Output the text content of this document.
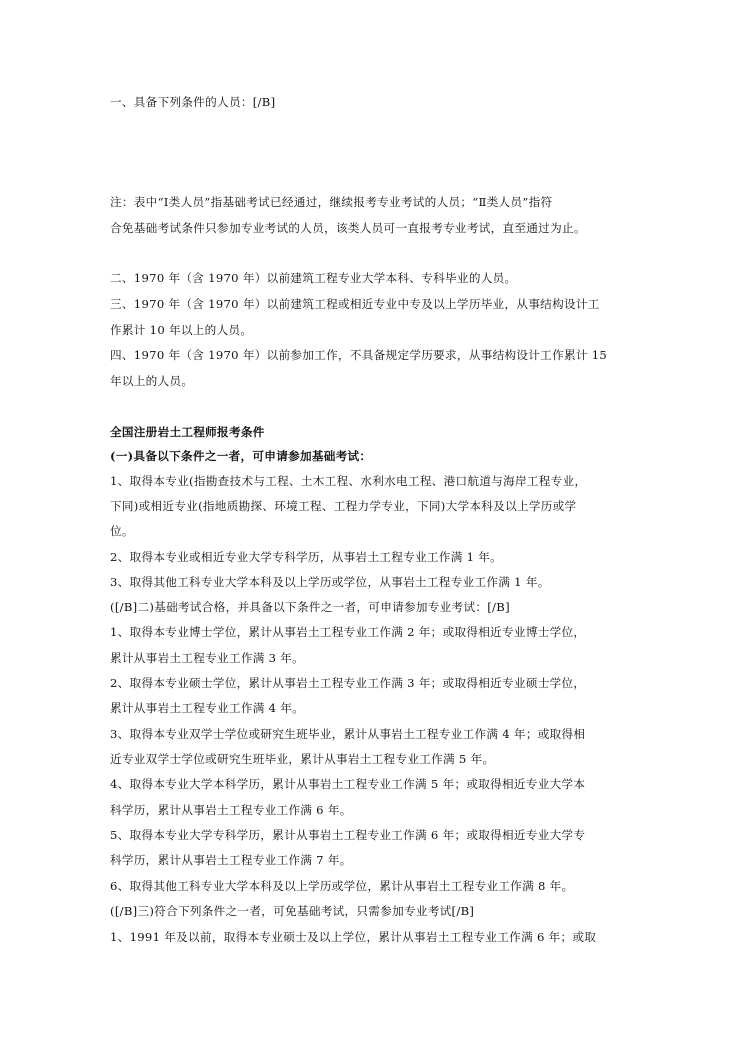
一、具备下列条件的人员：[/B]
注：表中“Ⅰ类人员”指基础考试已经通过，继续报考专业考试的人员；“Ⅱ类人员”指符
合免基础考试条件只参加专业考试的人员，该类人员可一直报考专业考试，直至通过为止。
二、1970 年（含 1970 年）以前建筑工程专业大学本科、专科毕业的人员。
三、1970 年（含 1970 年）以前建筑工程或相近专业中专及以上学历毕业，从事结构设计工
作累计 10 年以上的人员。
四、1970 年（含 1970 年）以前参加工作，不具备规定学历要求，从事结构设计工作累计 15
年以上的人员。
全国注册岩土工程师报考条件
(一)具备以下条件之一者，可申请参加基础考试：
1、取得本专业(指勘查技术与工程、土木工程、水利水电工程、港口航道与海岸工程专业，
下同)或相近专业(指地质勘探、环境工程、工程力学专业，下同)大学本科及以上学历或学
位。
2、取得本专业或相近专业大学专科学历，从事岩土工程专业工作满 1 年。
3、取得其他工科专业大学本科及以上学历或学位，从事岩土工程专业工作满 1 年。
([/B]二)基础考试合格，并具备以下条件之一者，可申请参加专业考试：[/B]
1、取得本专业博士学位，累计从事岩土工程专业工作满 2 年；或取得相近专业博士学位，
累计从事岩土工程专业工作满 3 年。
2、取得本专业硕士学位，累计从事岩土工程专业工作满 3 年；或取得相近专业硕士学位，
累计从事岩土工程专业工作满 4 年。
3、取得本专业双学士学位或研究生班毕业，累计从事岩土工程专业工作满 4 年；或取得相
近专业双学士学位或研究生班毕业，累计从事岩土工程专业工作满 5 年。
4、取得本专业大学本科学历，累计从事岩土工程专业工作满 5 年；或取得相近专业大学本
科学历，累计从事岩土工程专业工作满 6 年。
5、取得本专业大学专科学历，累计从事岩土工程专业工作满 6 年；或取得相近专业大学专
科学历，累计从事岩土工程专业工作满 7 年。
6、取得其他工科专业大学本科及以上学历或学位，累计从事岩土工程专业工作满 8 年。
([/B]三)符合下列条件之一者，可免基础考试，只需参加专业考试[/B]
1、1991 年及以前，取得本专业硕士及以上学位，累计从事岩土工程专业工作满 6 年；或取
